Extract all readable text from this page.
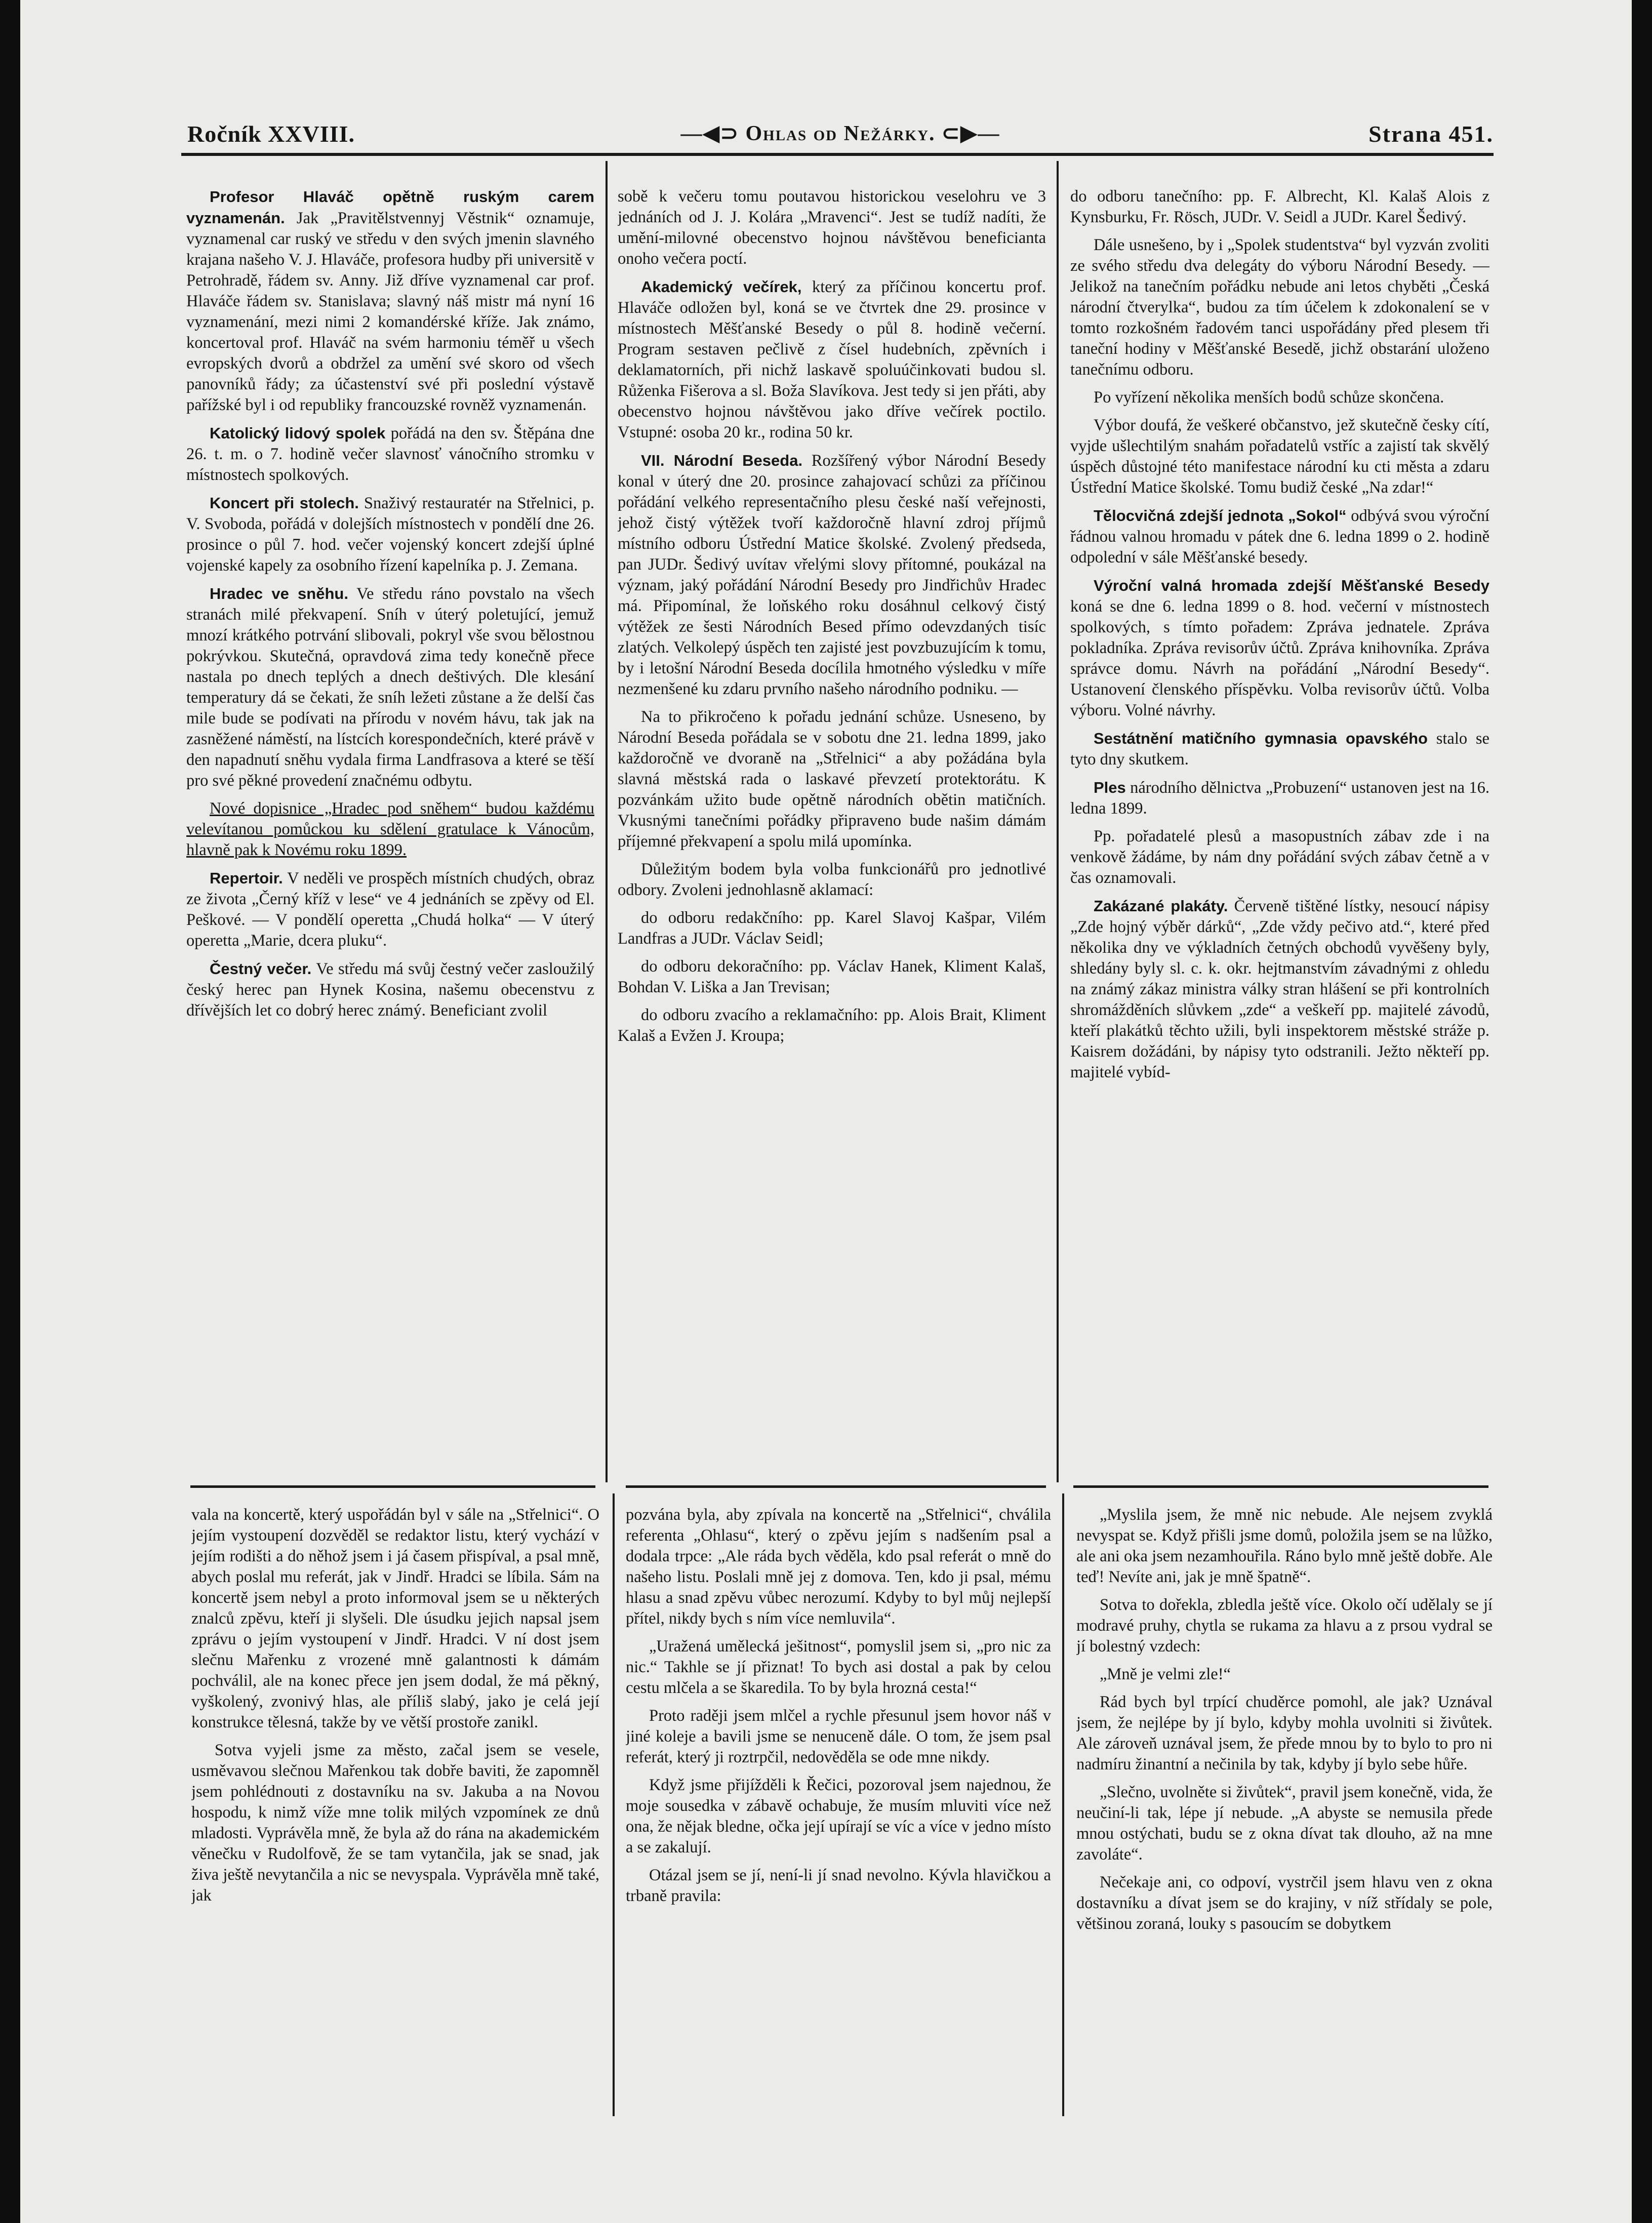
Ročník XXVIII.	—◀⊃ Ohlas od Nežárky. ⊂▶—	Strana 451.

Profesor Hlaváč opětně ruským carem vyznamenán. Jak „Pravitělstvennyj Věstnik“ oznamuje, vyznamenal car ruský ve středu v den svých jmenin slavného krajana našeho V. J. Hlaváče, profesora hudby při universitě v Petrohradě, řádem sv. Anny. Již dříve vyznamenal car prof. Hlaváče řádem sv. Stanislava; slavný náš mistr má nyní 16 vyznamenání, mezi nimi 2 komandérské kříže. Jak známo, koncertoval prof. Hlaváč na svém harmoniu téměř u všech evropských dvorů a obdržel za umění své skoro od všech panovníků řády; za účastenství své při poslední výstavě pařížské byl i od republiky francouzské rovněž vyznamenán.

Katolický lidový spolek pořádá na den sv. Štěpána dne 26. t. m. o 7. hodině večer slavnosť vánočního stromku v místnostech spolkových.

Koncert při stolech. Snaživý restauratér na Střelnici, p. V. Svoboda, pořádá v dolejších místnostech v pondělí dne 26. prosince o půl 7. hod. večer vojenský koncert zdejší úplné vojenské kapely za osobního řízení kapelníka p. J. Zemana.

Hradec ve sněhu. Ve středu ráno povstalo na všech stranách milé překvapení. Sníh v úterý poletující, jemuž mnozí krátkého potrvání slibovali, pokryl vše svou bělostnou pokrývkou. Skutečná, opravdová zima tedy konečně přece nastala po dnech teplých a dnech deštivých. Dle klesání temperatury dá se čekati, že sníh ležeti zůstane a že delší čas mile bude se podívati na přírodu v novém hávu, tak jak na zasněžené náměstí, na lístcích korespondečních, které právě v den napadnutí sněhu vydala firma Landfrasova a které se těší pro své pěkné provedení značnému odbytu.

Nové dopisnice „Hradec pod sněhem“ budou každému velevítanou pomůckou ku sdělení gratulace k Vánocům, hlavně pak k Novému roku 1899.

Repertoir. V neděli ve prospěch místních chudých, obraz ze života „Černý kříž v lese“ ve 4 jednáních se zpěvy od El. Peškové. — V pondělí operetta „Chudá holka“ — V úterý operetta „Marie, dcera pluku“.

Čestný večer. Ve středu má svůj čestný večer zasloužilý český herec pan Hynek Kosina, našemu obecenstvu z dřívějších let co dobrý herec známý. Beneficiant zvolil

sobě k večeru tomu poutavou historickou veselohru ve 3 jednáních od J. J. Kolára „Mravenci“. Jest se tudíž nadíti, že umění-milovné obecenstvo hojnou návštěvou beneficianta onoho večera poctí.

Akademický večírek, který za příčinou koncertu prof. Hlaváče odložen byl, koná se ve čtvrtek dne 29. prosince v místnostech Měšťanské Besedy o půl 8. hodině večerní. Program sestaven pečlivě z čísel hudebních, zpěvních i deklamatorních, při nichž laskavě spoluúčinkovati budou sl. Růženka Fišerova a sl. Boža Slavíkova. Jest tedy si jen přáti, aby obecenstvo hojnou návštěvou jako dříve večírek poctilo. Vstupné: osoba 20 kr., rodina 50 kr.

VII. Národní Beseda. Rozšířený výbor Národní Besedy konal v úterý dne 20. prosince zahajovací schůzi za příčinou pořádání velkého representačního plesu české naší veřejnosti, jehož čistý výtěžek tvoří každoročně hlavní zdroj příjmů místního odboru Ústřední Matice školské. Zvolený předseda, pan JUDr. Šedivý uvítav vřelými slovy přítomné, poukázal na význam, jaký pořádání Národní Besedy pro Jindřichův Hradec má. Připomínal, že loňského roku dosáhnul celkový čistý výtěžek ze šesti Národních Besed přímo odevzdaných tisíc zlatých. Velkolepý úspěch ten zajisté jest povzbuzujícím k tomu, by i letošní Národní Beseda docílila hmotného výsledku v míře nezmenšené ku zdaru prvního našeho národního podniku. —

Na to přikročeno k pořadu jednání schůze. Usneseno, by Národní Beseda pořádala se v sobotu dne 21. ledna 1899, jako každoročně ve dvoraně na „Střelnici“ a aby požádána byla slavná městská rada o laskavé převzetí protektorátu. K pozvánkám užito bude opětně národních obětin matičních. Vkusnými tanečními pořádky připraveno bude našim dámám příjemné překvapení a spolu milá upomínka.

Důležitým bodem byla volba funkcionářů pro jednotlivé odbory. Zvoleni jednohlasně aklamací:

do odboru redakčního: pp. Karel Slavoj Kašpar, Vilém Landfras a JUDr. Václav Seidl;

do odboru dekoračního: pp. Václav Hanek, Kliment Kalaš, Bohdan V. Liška a Jan Trevisan;

do odboru zvacího a reklamačního: pp. Alois Brait, Kliment Kalaš a Evžen J. Kroupa;

do odboru tanečního: pp. F. Albrecht, Kl. Kalaš Alois z Kynsburku, Fr. Rösch, JUDr. V. Seidl a JUDr. Karel Šedivý.

Dále usnešeno, by i „Spolek studentstva“ byl vyzván zvoliti ze svého středu dva delegáty do výboru Národní Besedy. — Jelikož na tanečním pořádku nebude ani letos chyběti „Česká národní čtverylka“, budou za tím účelem k zdokonalení se v tomto rozkošném řadovém tanci uspořádány před plesem tři taneční hodiny v Měšťanské Besedě, jichž obstarání uloženo tanečnímu odboru.

Po vyřízení několika menších bodů schůze skončena.

Výbor doufá, že veškeré občanstvo, jež skutečně česky cítí, vyjde ušlechtilým snahám pořadatelů vstříc a zajistí tak skvělý úspěch důstojné této manifestace národní ku cti města a zdaru Ústřední Matice školské. Tomu budiž české „Na zdar!“

Tělocvičná zdejší jednota „Sokol“ odbývá svou výroční řádnou valnou hromadu v pátek dne 6. ledna 1899 o 2. hodině odpolední v sále Měšťanské besedy.

Výroční valná hromada zdejší Měšťanské Besedy koná se dne 6. ledna 1899 o 8. hod. večerní v místnostech spolkových, s tímto pořadem: Zpráva jednatele. Zpráva pokladníka. Zpráva revisorův účtů. Zpráva knihovníka. Zpráva správce domu. Návrh na pořádání „Národní Besedy“. Ustanovení členského příspěvku. Volba revisorův účtů. Volba výboru. Volné návrhy.

Sestátnění matičního gymnasia opavského stalo se tyto dny skutkem.

Ples národního dělnictva „Probuzení“ ustanoven jest na 16. ledna 1899.

Pp. pořadatelé plesů a masopustních zábav zde i na venkově žádáme, by nám dny pořádání svých zábav četně a v čas oznamovali.

Zakázané plakáty. Červeně tištěné lístky, nesoucí nápisy „Zde hojný výběr dárků“, „Zde vždy pečivo atd.“, které před několika dny ve výkladních četných obchodů vyvěšeny byly, shledány byly sl. c. k. okr. hejtmanstvím závadnými z ohledu na známý zákaz ministra války stran hlášení se při kontrolních shromážděních slůvkem „zde“ a veškeří pp. majitelé závodů, kteří plakátků těchto užili, byli inspektorem městské stráže p. Kaisrem dožádáni, by nápisy tyto odstranili. Ježto někteří pp. majitelé vybíd-

vala na koncertě, který uspořádán byl v sále na „Střelnici“. O jejím vystoupení dozvěděl se redaktor listu, který vychází v jejím rodišti a do něhož jsem i já časem přispíval, a psal mně, abych poslal mu referát, jak v Jindř. Hradci se líbila. Sám na koncertě jsem nebyl a proto informoval jsem se u některých znalců zpěvu, kteří ji slyšeli. Dle úsudku jejich napsal jsem zprávu o jejím vystoupení v Jindř. Hradci. V ní dost jsem slečnu Mařenku z vrozené mně galantnosti k dámám pochválil, ale na konec přece jen jsem dodal, že má pěkný, vyškolený, zvonivý hlas, ale příliš slabý, jako je celá její konstrukce tělesná, takže by ve větší prostoře zanikl.

Sotva vyjeli jsme za město, začal jsem se vesele, usměvavou slečnou Mařenkou tak dobře baviti, že zapomněl jsem pohlédnouti z dostavníku na sv. Jakuba a na Novou hospodu, k nimž víže mne tolik milých vzpomínek ze dnů mladosti. Vyprávěla mně, že byla až do rána na akademickém věnečku v Rudolfově, že se tam vytančila, jak se snad, jak živa ještě nevytančila a nic se nevyspala. Vyprávěla mně také, jak

pozvána byla, aby zpívala na koncertě na „Střelnici“, chválila referenta „Ohlasu“, který o zpěvu jejím s nadšením psal a dodala trpce: „Ale ráda bych věděla, kdo psal referát o mně do našeho listu. Poslali mně jej z domova. Ten, kdo ji psal, mému hlasu a snad zpěvu vůbec nerozumí. Kdyby to byl můj nejlepší přítel, nikdy bych s ním více nemluvila“.

„Uražená umělecká ješitnost“, pomyslil jsem si, „pro nic za nic.“ Takhle se jí přiznat! To bych asi dostal a pak by celou cestu mlčela a se škaredila. To by byla hrozná cesta!“

Proto raději jsem mlčel a rychle přesunul jsem hovor náš v jiné koleje a bavili jsme se nenuceně dále. O tom, že jsem psal referát, který ji roztrpčil, nedověděla se ode mne nikdy.

Když jsme přijížděli k Řečici, pozoroval jsem najednou, že moje sousedka v zábavě ochabuje, že musím mluviti více než ona, že nějak bledne, očka její upírají se víc a více v jedno místo a se zakalují.

Otázal jsem se jí, není-li jí snad nevolno. Kývla hlavičkou a trbaně pravila:

„Myslila jsem, že mně nic nebude. Ale nejsem zvyklá nevyspat se. Když přišli jsme domů, položila jsem se na lůžko, ale ani oka jsem nezamhouřila. Ráno bylo mně ještě dobře. Ale teď! Nevíte ani, jak je mně špatně“.

Sotva to dořekla, zbledla ještě více. Okolo očí udělaly se jí modravé pruhy, chytla se rukama za hlavu a z prsou vydral se jí bolestný vzdech:

„Mně je velmi zle!“

Rád bych byl trpící chuděrce pomohl, ale jak? Uznával jsem, že nejlépe by jí bylo, kdyby mohla uvolniti si živůtek. Ale zároveň uznával jsem, že přede mnou by to bylo to pro ni nadmíru žinantní a nečinila by tak, kdyby jí bylo sebe hůře.

„Slečno, uvolněte si živůtek“, pravil jsem konečně, vida, že neučiní-li tak, lépe jí nebude. „A abyste se nemusila přede mnou ostýchati, budu se z okna dívat tak dlouho, až na mne zavoláte“.

Nečekaje ani, co odpoví, vystrčil jsem hlavu ven z okna dostavníku a dívat jsem se do krajiny, v níž střídaly se pole, většinou zoraná, louky s pasoucím se dobytkem
